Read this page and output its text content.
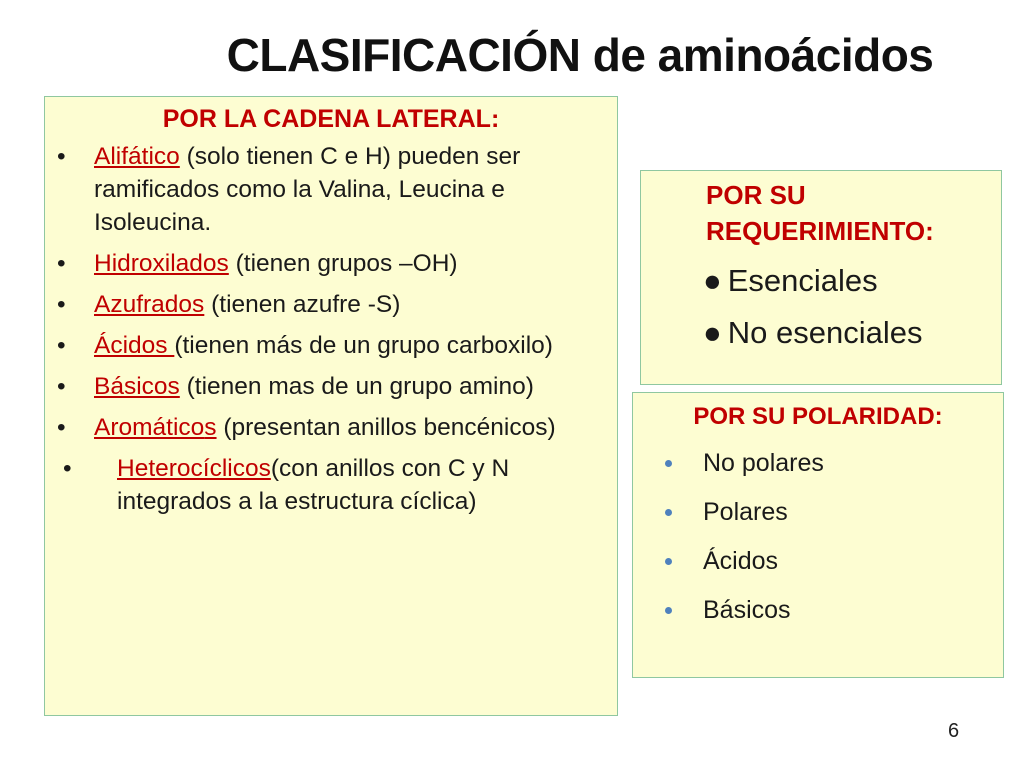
CLASIFICACIÓN de aminoácidos
POR LA CADENA LATERAL:
• Alifático (solo tienen C e H) pueden ser ramificados como la Valina, Leucina e Isoleucina.
• Hidroxilados (tienen grupos –OH)
• Azufrados (tienen azufre -S)
• Ácidos (tienen más de un grupo carboxilo)
• Básicos (tienen mas de un grupo amino)
• Aromáticos (presentan anillos bencénicos)
• Heterocíclicos(con anillos con C y N integrados a la estructura cíclica)
POR SU
REQUERIMIENTO:
● Esenciales
● No esenciales
POR SU POLARIDAD:
No polares
Polares
Ácidos
Básicos
6
